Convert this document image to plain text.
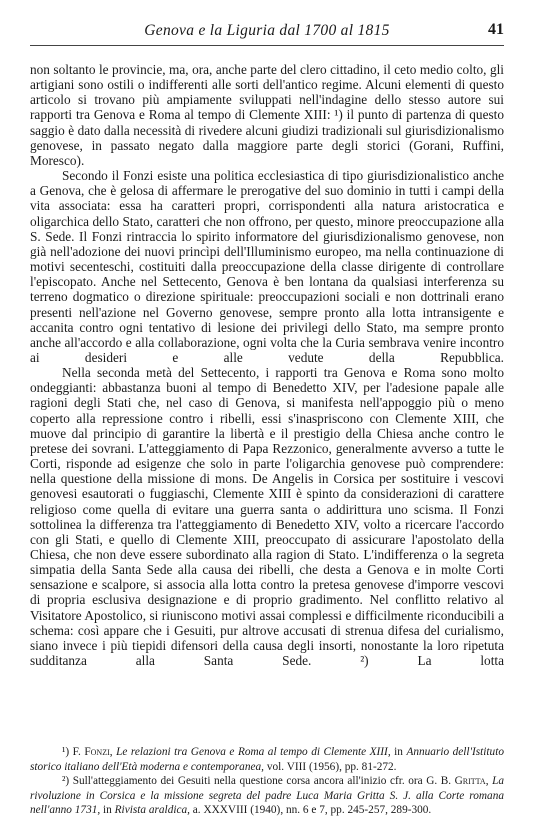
Genova e la Liguria dal 1700 al 1815	41

non soltanto le provincie, ma, ora, anche parte del clero cittadino, il ceto medio colto, gli artigiani sono ostili o indifferenti alle sorti dell'antico regime. Alcuni elementi di questo articolo si trovano più ampiamente sviluppati nell'indagine dello stesso autore sui rapporti tra Genova e Roma al tempo di Clemente XIII: ¹) il punto di partenza di questo saggio è dato dalla necessità di rivedere alcuni giudizi tradizionali sul giurisdizionalismo genovese, in passato negato dalla maggiore parte degli storici (Gorani, Ruffini, Moresco).

Secondo il Fonzi esiste una politica ecclesiastica di tipo giurisdizionalistico anche a Genova, che è gelosa di affermare le prerogative del suo dominio in tutti i campi della vita associata: essa ha caratteri propri, corrispondenti alla natura aristocratica e oligarchica dello Stato, caratteri che non offrono, per questo, minore preoccupazione alla S. Sede. Il Fonzi rintraccia lo spirito informatore del giurisdizionalismo genovese, non già nell'adozione dei nuovi princìpi dell'Illuminismo europeo, ma nella continuazione di motivi secenteschi, costituiti dalla preoccupazione della classe dirigente di controllare l'episcopato. Anche nel Settecento, Genova è ben lontana da qualsiasi interferenza su terreno dogmatico o direzione spirituale: preoccupazioni sociali e non dottrinali erano presenti nell'azione nel Governo genovese, sempre pronto alla lotta intransigente e accanita contro ogni tentativo di lesione dei privilegi dello Stato, ma sempre pronto anche all'accordo e alla collaborazione, ogni volta che la Curia sembrava venire incontro ai desideri e alle vedute della Repubblica.

Nella seconda metà del Settecento, i rapporti tra Genova e Roma sono molto ondeggianti: abbastanza buoni al tempo di Benedetto XIV, per l'adesione papale alle ragioni degli Stati che, nel caso di Genova, si manifesta nell'appoggio più o meno coperto alla repressione contro i ribelli, essi s'inaspriscono con Clemente XIII, che muove dal principio di garantire la libertà e il prestigio della Chiesa anche contro le pretese dei sovrani. L'atteggiamento di Papa Rezzonico, generalmente avverso a tutte le Corti, risponde ad esigenze che solo in parte l'oligarchia genovese può comprendere: nella questione della missione di mons. De Angelis in Corsica per sostituire i vescovi genovesi esautorati o fuggiaschi, Clemente XIII è spinto da considerazioni di carattere religioso come quella di evitare una guerra santa o addirittura uno scisma. Il Fonzi sottolinea la differenza tra l'atteggiamento di Benedetto XIV, volto a ricercare l'accordo con gli Stati, e quello di Clemente XIII, preoccupato di assicurare l'apostolato della Chiesa, che non deve essere subordinato alla ragion di Stato. L'indifferenza o la segreta simpatia della Santa Sede alla causa dei ribelli, che desta a Genova e in molte Corti sensazione e scalpore, si associa alla lotta contro la pretesa genovese d'imporre vescovi di propria esclusiva designazione e di proprio gradimento. Nel conflitto relativo al Visitatore Apostolico, si riuniscono motivi assai complessi e difficilmente riconducibili a schema: così appare che i Gesuiti, pur altrove accusati di strenua difesa del curialismo, siano invece i più tiepidi difensori della causa degli insorti, nonostante la loro ripetuta sudditanza alla Santa Sede. ²) La lotta

¹) F. Fonzi, Le relazioni tra Genova e Roma al tempo di Clemente XIII, in Annuario dell'Istituto storico italiano dell'Età moderna e contemporanea, vol. VIII (1956), pp. 81-272.

²) Sull'atteggiamento dei Gesuiti nella questione corsa ancora all'inizio cfr. ora G. B. Gritta, La rivoluzione in Corsica e la missione segreta del padre Luca Maria Gritta S. J. alla Corte romana nell'anno 1731, in Rivista araldica, a. XXXVIII (1940), nn. 6 e 7, pp. 245-257, 289-300.
